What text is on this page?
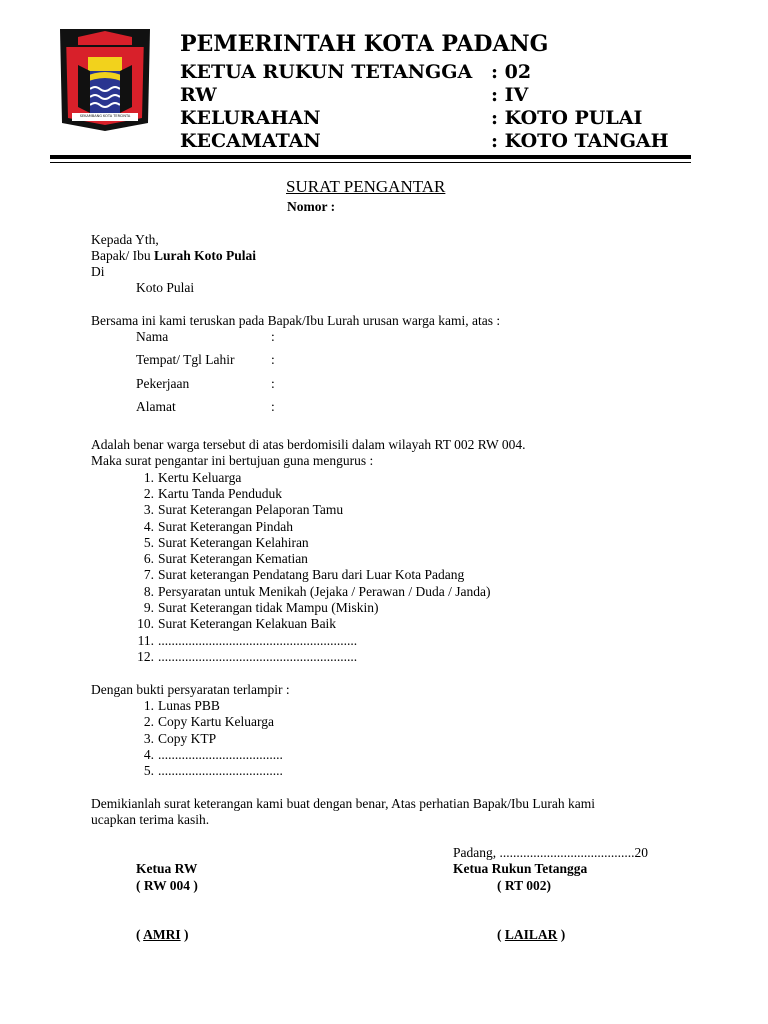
SEKAMBANG KOTA TERCINTA
PEMERINTAH KOTA PADANG
KETUA RUKUN TETANGGA : 02
RW	: IV
KELURAHAN	: KOTO PULAI
KECAMATAN	: KOTO TANGAH
SURAT PENGANTAR
Nomor :
Kepada Yth,
Bapak/ Ibu Lurah Koto Pulai
Di
Koto Pulai
Bersama ini kami teruskan pada Bapak/Ibu Lurah urusan warga kami, atas :
Nama	:
Tempat/ Tgl Lahir	:
Pekerjaan	:
Alamat	:
Adalah benar warga tersebut di atas berdomisili dalam wilayah RT 002 RW 004.
Maka surat pengantar ini bertujuan guna mengurus :
1. Kertu Keluarga
2. Kartu Tanda Penduduk
3. Surat Keterangan Pelaporan Tamu
4. Surat Keterangan Pindah
5. Surat Keterangan Kelahiran
6. Surat Keterangan Kematian
7. Surat keterangan Pendatang Baru dari Luar Kota Padang
8. Persyaratan untuk Menikah (Jejaka / Perawan / Duda / Janda)
9. Surat Keterangan tidak Mampu (Miskin)
10. Surat Keterangan Kelakuan Baik
11. ...........................................................
12. ...........................................................
Dengan bukti persyaratan terlampir :
1. Lunas PBB
2. Copy Kartu Keluarga
3. Copy KTP
4. .....................................
5. .....................................
Demikianlah surat keterangan kami buat dengan benar, Atas perhatian Bapak/Ibu Lurah kami
ucapkan terima kasih.
Padang, ........................................20
Ketua RW
( RW 004 )
Ketua Rukun Tetangga
( RT 002)
( AMRI )	( LAILAR )
